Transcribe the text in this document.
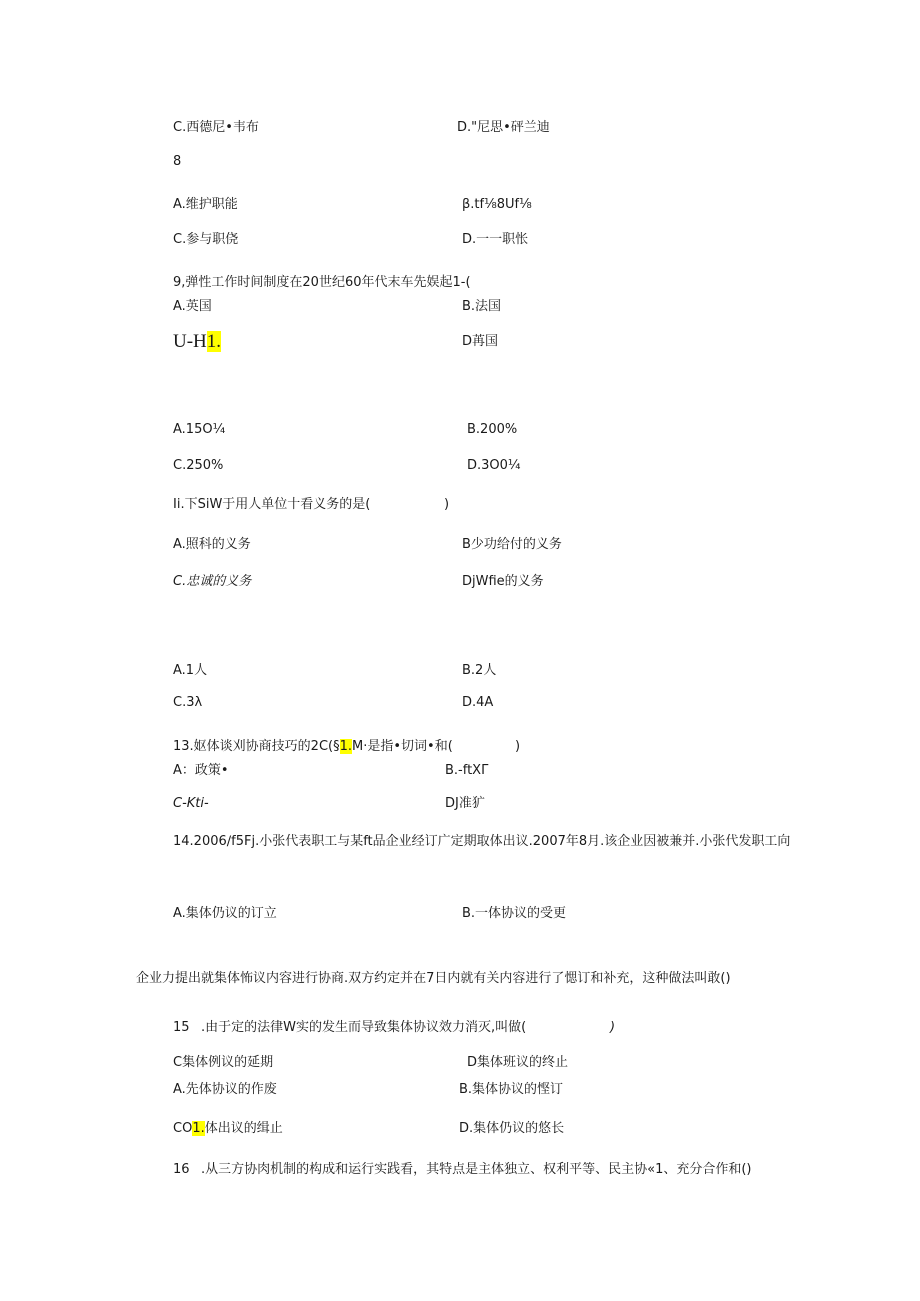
C.西德尼•韦布	D."尼思•砰兰迪
8
A.维护职能	β.tf⅛8Uf⅛
C.参与职侥	D.一一职怅
9,弹性工作时间制度在20世纪60年代末车先娱起1-(
A.英国	B.法国
U-H1.	D苒国
A.15O¼	B.200%
C.250%	D.3O0¼
Ii.下SiW于用人单位十看义务的是(	)
A.照科的义务	B少功给付的义务
C.忠诚的义务	DjWfie的义务
A.1人	B.2人
C.3λ	D.4A
13.妪体谈刈协商技巧的2C(§1.M·是指•切词•和(	)
A：政策•	B.-ftXΓ
C-Kti-	DJ准犷
14.2006∕f5Fj.小张代表职工与某ft品企业经订广定期取体出议.2007年8月.该企业因被兼并.小张代发职工向
A.集体仍议的订立	B.一体协议的受更
企业力提出就集体怖议内容进行协商.双方约定并在7日内就有关内容进行了愢订和补充，这种做法叫敢()
15 .由于定的法律W实的发生而导致集体协议效力消灭,叫做(	)
C集体例议的延期	D集体班议的终止
A.先体协议的作废	B.集体协议的悭订
CO1.体出议的缉止	D.集体仍议的悠长
16 .从三方协肉机制的构成和运行实践看，其特点是主体独立、权利平等、民主协«1、充分合作和()
